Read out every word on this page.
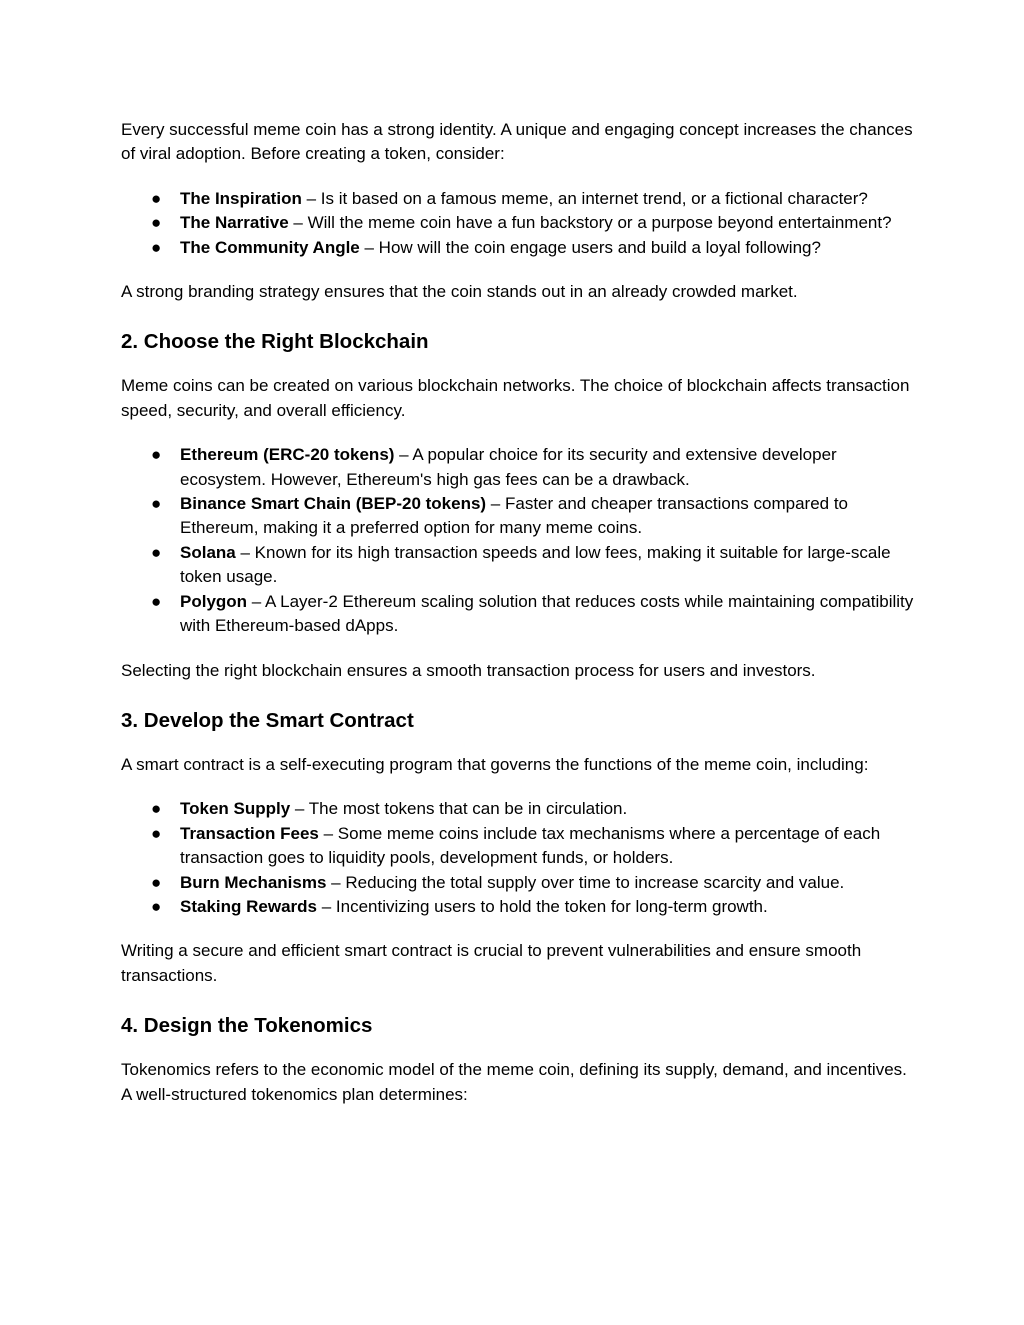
Every successful meme coin has a strong identity. A unique and engaging concept increases the chances of viral adoption. Before creating a token, consider:

● The Inspiration – Is it based on a famous meme, an internet trend, or a fictional character?
● The Narrative – Will the meme coin have a fun backstory or a purpose beyond entertainment?
● The Community Angle – How will the coin engage users and build a loyal following?

A strong branding strategy ensures that the coin stands out in an already crowded market.

2. Choose the Right Blockchain

Meme coins can be created on various blockchain networks. The choice of blockchain affects transaction speed, security, and overall efficiency.

● Ethereum (ERC-20 tokens) – A popular choice for its security and extensive developer ecosystem. However, Ethereum's high gas fees can be a drawback.
● Binance Smart Chain (BEP-20 tokens) – Faster and cheaper transactions compared to Ethereum, making it a preferred option for many meme coins.
● Solana – Known for its high transaction speeds and low fees, making it suitable for large-scale token usage.
● Polygon – A Layer-2 Ethereum scaling solution that reduces costs while maintaining compatibility with Ethereum-based dApps.

Selecting the right blockchain ensures a smooth transaction process for users and investors.

3. Develop the Smart Contract

A smart contract is a self-executing program that governs the functions of the meme coin, including:

● Token Supply – The most tokens that can be in circulation.
● Transaction Fees – Some meme coins include tax mechanisms where a percentage of each transaction goes to liquidity pools, development funds, or holders.
● Burn Mechanisms – Reducing the total supply over time to increase scarcity and value.
● Staking Rewards – Incentivizing users to hold the token for long-term growth.

Writing a secure and efficient smart contract is crucial to prevent vulnerabilities and ensure smooth transactions.

4. Design the Tokenomics

Tokenomics refers to the economic model of the meme coin, defining its supply, demand, and incentives. A well-structured tokenomics plan determines:
